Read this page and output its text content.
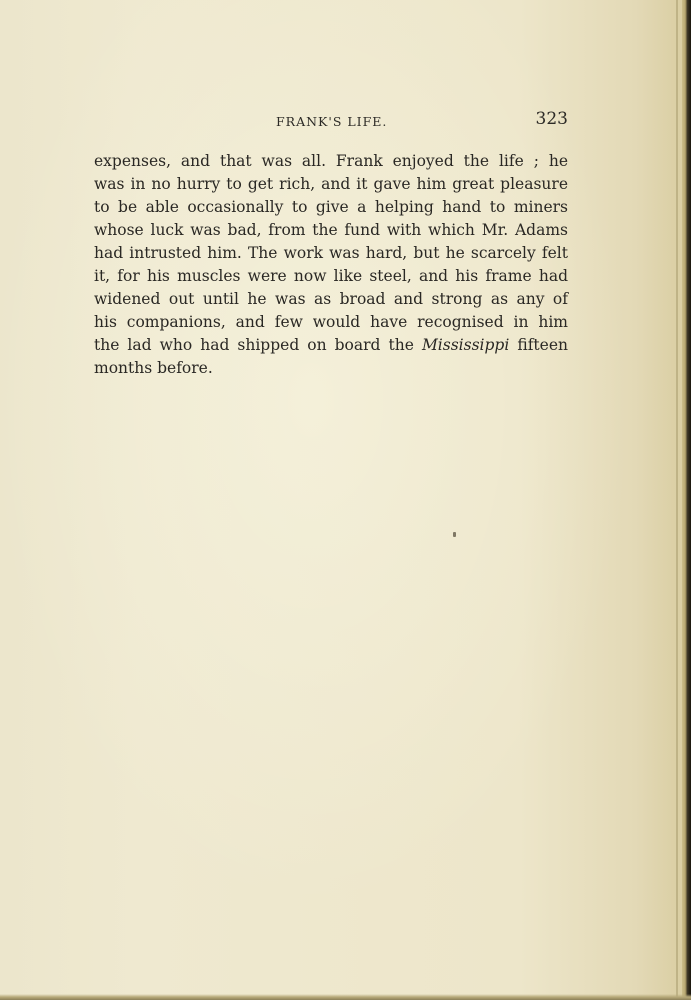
FRANK'S LIFE.	323
expenses, and that was all. Frank enjoyed the life ; he
was in no hurry to get rich, and it gave him great pleasure
to be able occasionally to give a helping hand to miners
whose luck was bad, from the fund with which Mr. Adams
had intrusted him. The work was hard, but he scarcely felt
it, for his muscles were now like steel, and his frame had
widened out until he was as broad and strong as any of
his companions, and few would have recognised in him
the lad who had shipped on board the Mississippi fifteen
months before.
